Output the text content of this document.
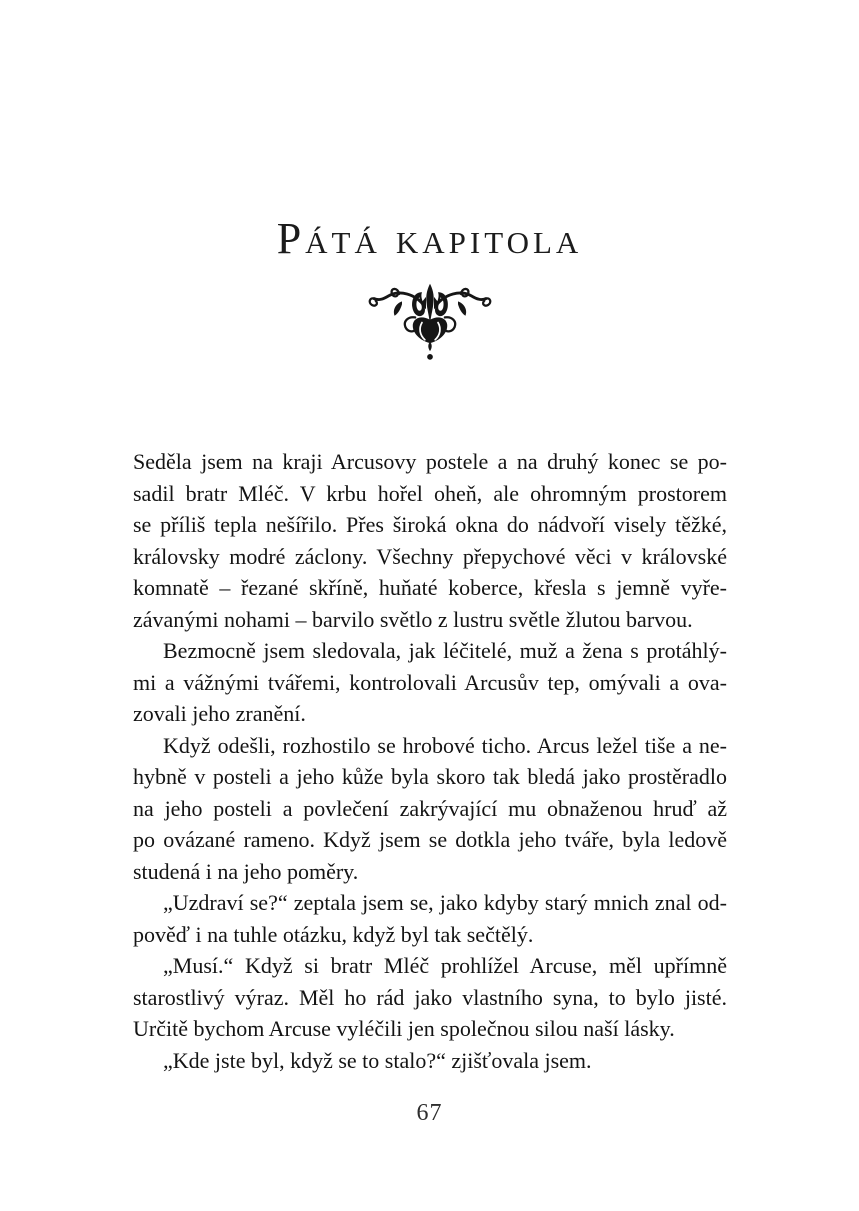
Pátá kapitola
Seděla jsem na kraji Arcusovy postele a na druhý konec se po-
sadil bratr Mléč. V krbu hořel oheň, ale ohromným prostorem
se příliš tepla nešířilo. Přes široká okna do nádvoří visely těžké,
královsky modré záclony. Všechny přepychové věci v královské
komnatě – řezané skříně, huňaté koberce, křesla s jemně vyře-
závanými nohami – barvilo světlo z lustru světle žlutou barvou.
Bezmocně jsem sledovala, jak léčitelé, muž a žena s protáhlý-
mi a vážnými tvářemi, kontrolovali Arcusův tep, omývali a ova-
zovali jeho zranění.
Když odešli, rozhostilo se hrobové ticho. Arcus ležel tiše a ne-
hybně v posteli a jeho kůže byla skoro tak bledá jako prostěradlo
na jeho posteli a povlečení zakrývající mu obnaženou hruď až
po ovázané rameno. Když jsem se dotkla jeho tváře, byla ledově
studená i na jeho poměry.
„Uzdraví se?“ zeptala jsem se, jako kdyby starý mnich znal od-
pověď i na tuhle otázku, když byl tak sečtělý.
„Musí.“ Když si bratr Mléč prohlížel Arcuse, měl upřímně
starostlivý výraz. Měl ho rád jako vlastního syna, to bylo jisté.
Určitě bychom Arcuse vyléčili jen společnou silou naší lásky.
„Kde jste byl, když se to stalo?“ zjišťovala jsem.
67
